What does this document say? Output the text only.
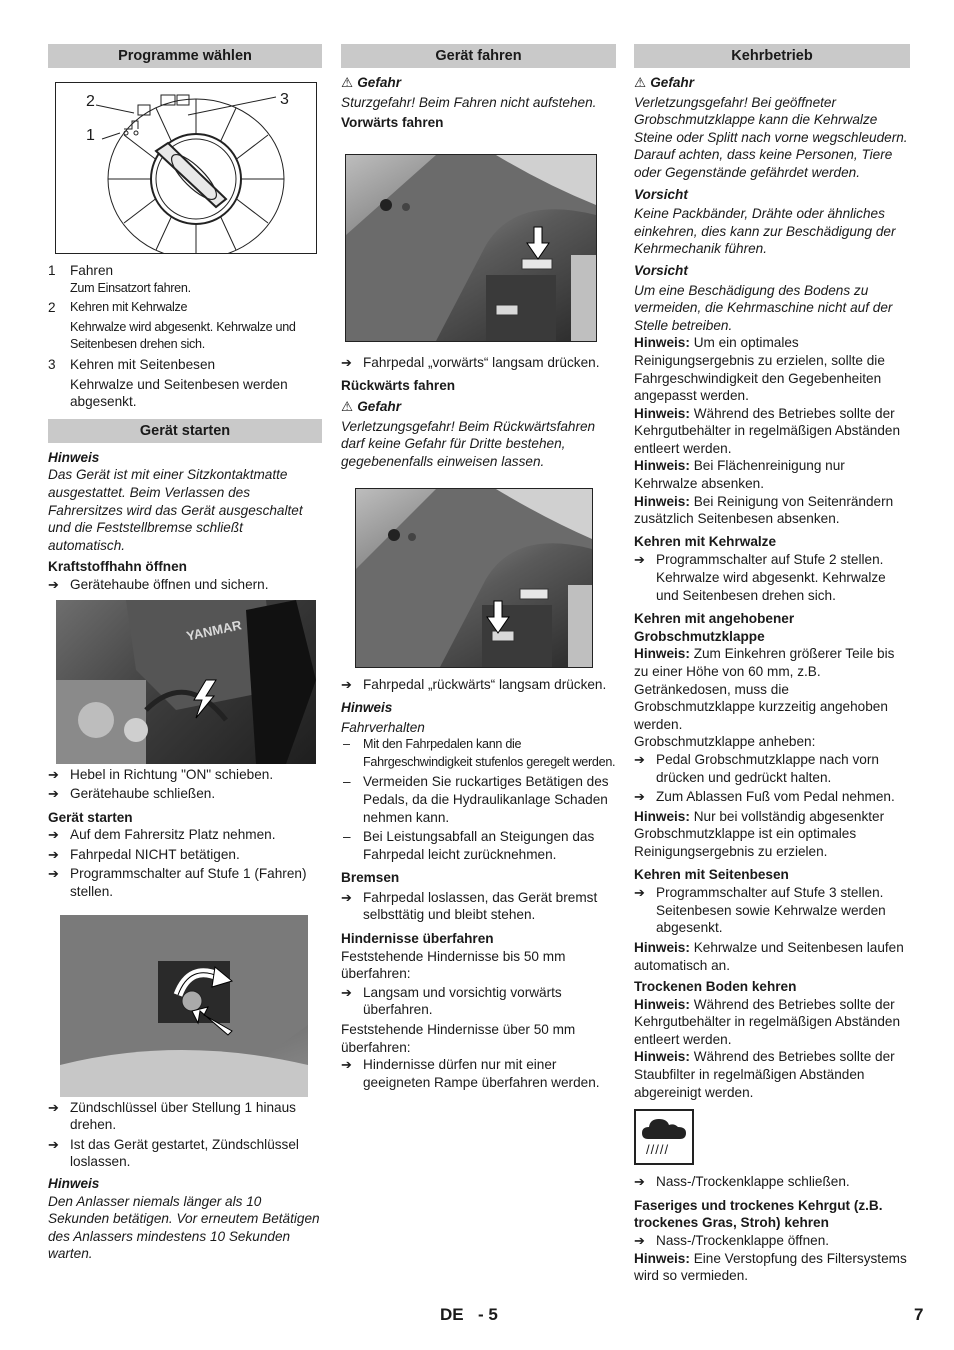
Programme wählen
2	3
1
1 Fahren
Zum Einsatzort fahren.
2 Kehren mit Kehrwalze
Kehrwalze wird abgesenkt. Kehrwalze und Seitenbesen drehen sich.
3 Kehren mit Seitenbesen
Kehrwalze und Seitenbesen werden abgesenkt.
Gerät starten
Hinweis
Das Gerät ist mit einer Sitzkontaktmatte ausgestattet. Beim Verlassen des Fahrersitzes wird das Gerät ausgeschaltet und die Feststellbremse schließt automatisch.
Kraftstoffhahn öffnen
➔ Gerätehaube öffnen und sichern.
YANMAR
➔ Hebel in Richtung "ON" schieben.
➔ Gerätehaube schließen.
Gerät starten
➔ Auf dem Fahrersitz Platz nehmen.
➔ Fahrpedal NICHT betätigen.
➔ Programmschalter auf Stufe 1 (Fahren) stellen.
➔ Zündschlüssel über Stellung 1 hinaus drehen.
➔ Ist das Gerät gestartet, Zündschlüssel loslassen.
Hinweis
Den Anlasser niemals länger als 10 Sekunden betätigen. Vor erneutem Betätigen des Anlassers mindestens 10 Sekunden warten.
Gerät fahren
⚠ Gefahr
Sturzgefahr! Beim Fahren nicht aufstehen.
Vorwärts fahren
➔ Fahrpedal „vorwärts“ langsam drücken.
Rückwärts fahren
⚠ Gefahr
Verletzungsgefahr! Beim Rückwärtsfahren darf keine Gefahr für Dritte bestehen, gegebenenfalls einweisen lassen.
➔ Fahrpedal „rückwärts“ langsam drücken.
Hinweis
Fahrverhalten
– Mit den Fahrpedalen kann die Fahrgeschwindigkeit stufenlos geregelt werden.
– Vermeiden Sie ruckartiges Betätigen des Pedals, da die Hydraulikanlage Schaden nehmen kann.
– Bei Leistungsabfall an Steigungen das Fahrpedal leicht zurücknehmen.
Bremsen
➔ Fahrpedal loslassen, das Gerät bremst selbsttätig und bleibt stehen.
Hindernisse überfahren
Feststehende Hindernisse bis 50 mm überfahren:
➔ Langsam und vorsichtig vorwärts überfahren.
Feststehende Hindernisse über 50 mm überfahren:
➔ Hindernisse dürfen nur mit einer geeigneten Rampe überfahren werden.
Kehrbetrieb
⚠ Gefahr
Verletzungsgefahr! Bei geöffneter Grobschmutzklappe kann die Kehrwalze Steine oder Splitt nach vorne wegschleudern. Darauf achten, dass keine Personen, Tiere oder Gegenstände gefährdet werden.
Vorsicht
Keine Packbänder, Drähte oder ähnliches einkehren, dies kann zur Beschädigung der Kehrmechanik führen.
Vorsicht
Um eine Beschädigung des Bodens zu vermeiden, die Kehrmaschine nicht auf der Stelle betreiben.
Hinweis: Um ein optimales Reinigungsergebnis zu erzielen, sollte die Fahrgeschwindigkeit den Gegebenheiten angepasst werden.
Hinweis: Während des Betriebes sollte der Kehrgutbehälter in regelmäßigen Abständen entleert werden.
Hinweis: Bei Flächenreinigung nur Kehrwalze absenken.
Hinweis: Bei Reinigung von Seitenrändern zusätzlich Seitenbesen absenken.
Kehren mit Kehrwalze
➔ Programmschalter auf Stufe 2 stellen. Kehrwalze wird abgesenkt. Kehrwalze und Seitenbesen drehen sich.
Kehren mit angehobener Grobschmutzklappe
Hinweis: Zum Einkehren größerer Teile bis zu einer Höhe von 60 mm, z.B. Getränkedosen, muss die Grobschmutzklappe kurzzeitig angehoben werden.
Grobschmutzklappe anheben:
➔ Pedal Grobschmutzklappe nach vorn drücken und gedrückt halten.
➔ Zum Ablassen Fuß vom Pedal nehmen.
Hinweis: Nur bei vollständig abgesenkter Grobschmutzklappe ist ein optimales Reinigungsergebnis zu erzielen.
Kehren mit Seitenbesen
➔ Programmschalter auf Stufe 3 stellen. Seitenbesen sowie Kehrwalze werden abgesenkt.
Hinweis: Kehrwalze und Seitenbesen laufen automatisch an.
Trockenen Boden kehren
Hinweis: Während des Betriebes sollte der Kehrgutbehälter in regelmäßigen Abständen entleert werden.
Hinweis: Während des Betriebes sollte der Staubfilter in regelmäßigen Abständen abgereinigt werden.
/////
➔ Nass-/Trockenklappe schließen.
Faseriges und trockenes Kehrgut (z.B. trockenes Gras, Stroh) kehren
➔ Nass-/Trockenklappe öffnen.
Hinweis: Eine Verstopfung des Filtersystems wird so vermieden.
DE - 5	7
